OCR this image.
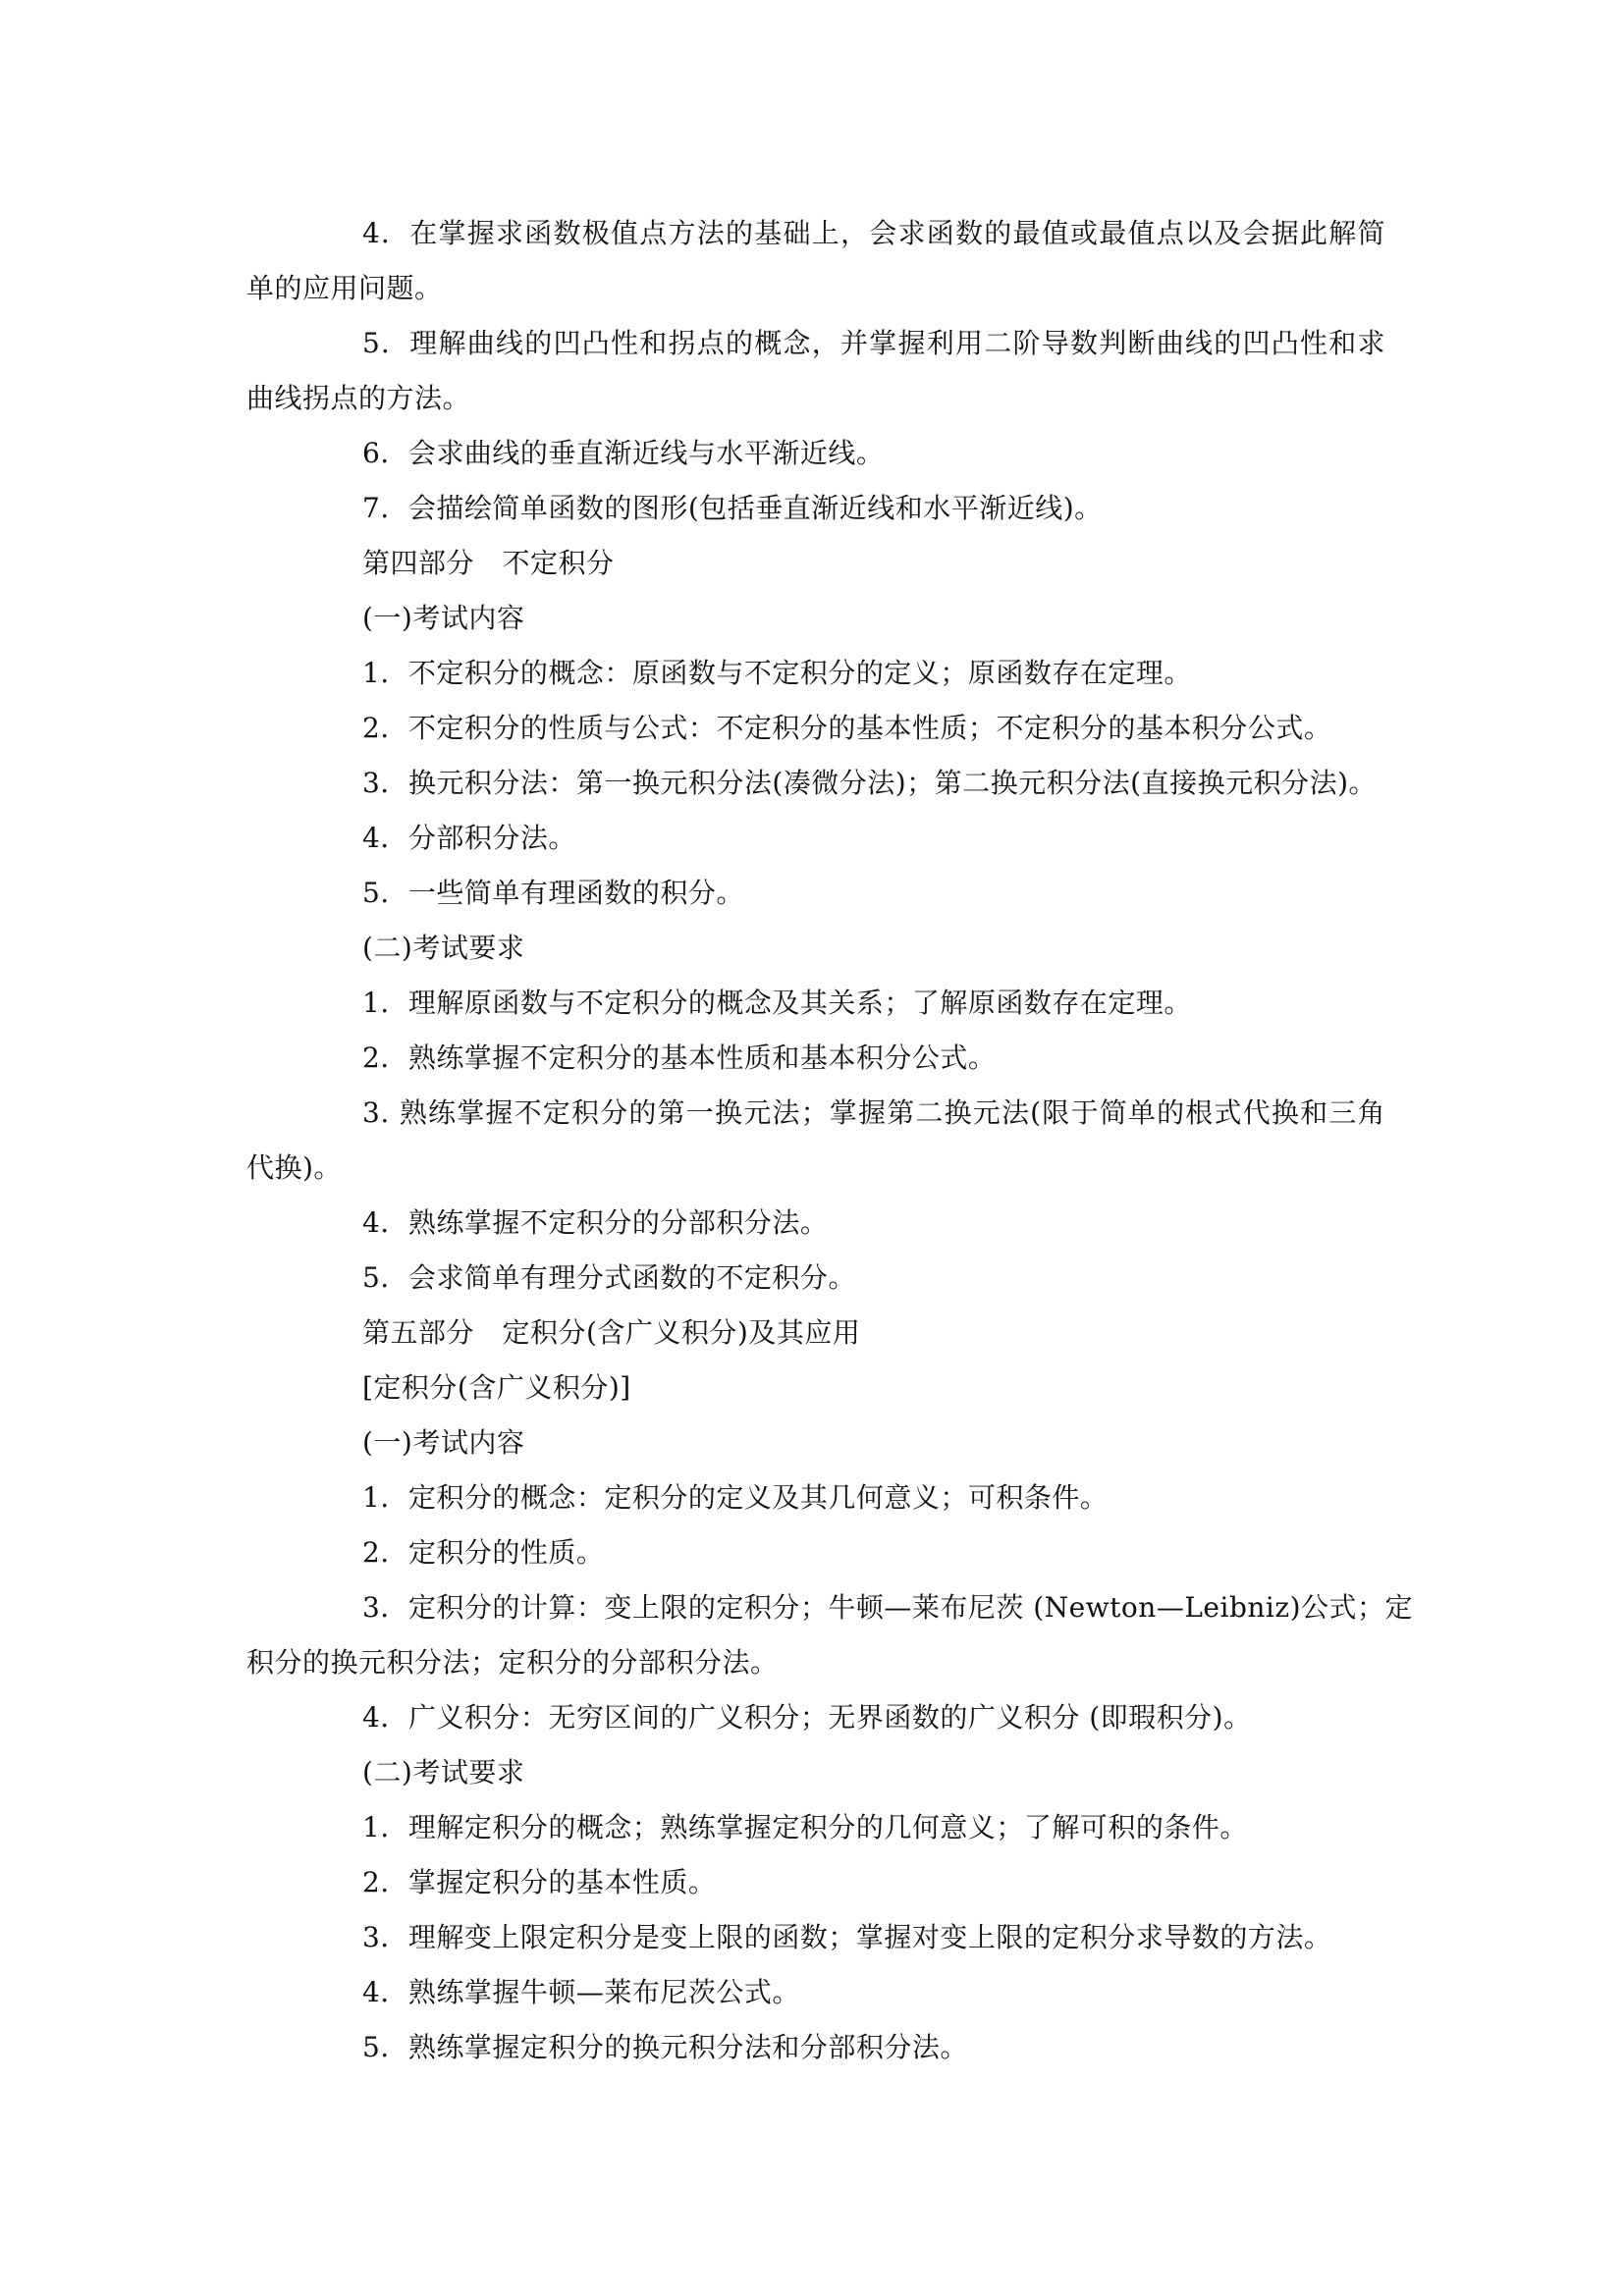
4．在掌握求函数极值点方法的基础上，会求函数的最值或最值点以及会据此解简
单的应用问题。
5．理解曲线的凹凸性和拐点的概念，并掌握利用二阶导数判断曲线的凹凸性和求
曲线拐点的方法。
6．会求曲线的垂直渐近线与水平渐近线。
7．会描绘简单函数的图形(包括垂直渐近线和水平渐近线)。
第四部分　不定积分
(一)考试内容
1．不定积分的概念：原函数与不定积分的定义；原函数存在定理。
2．不定积分的性质与公式：不定积分的基本性质；不定积分的基本积分公式。
3．换元积分法：第一换元积分法(凑微分法)；第二换元积分法(直接换元积分法)。
4．分部积分法。
5．一些简单有理函数的积分。
(二)考试要求
1．理解原函数与不定积分的概念及其关系；了解原函数存在定理。
2．熟练掌握不定积分的基本性质和基本积分公式。
3. 熟练掌握不定积分的第一换元法；掌握第二换元法(限于简单的根式代换和三角
代换)。
4．熟练掌握不定积分的分部积分法。
5．会求简单有理分式函数的不定积分。
第五部分　定积分(含广义积分)及其应用
[定积分(含广义积分)]
(一)考试内容
1．定积分的概念：定积分的定义及其几何意义；可积条件。
2．定积分的性质。
3．定积分的计算：变上限的定积分；牛顿—莱布尼茨 (Newton—Leibniz)公式；定
积分的换元积分法；定积分的分部积分法。
4．广义积分：无穷区间的广义积分；无界函数的广义积分 (即瑕积分)。
(二)考试要求
1．理解定积分的概念；熟练掌握定积分的几何意义；了解可积的条件。
2．掌握定积分的基本性质。
3．理解变上限定积分是变上限的函数；掌握对变上限的定积分求导数的方法。
4．熟练掌握牛顿—莱布尼茨公式。
5．熟练掌握定积分的换元积分法和分部积分法。
